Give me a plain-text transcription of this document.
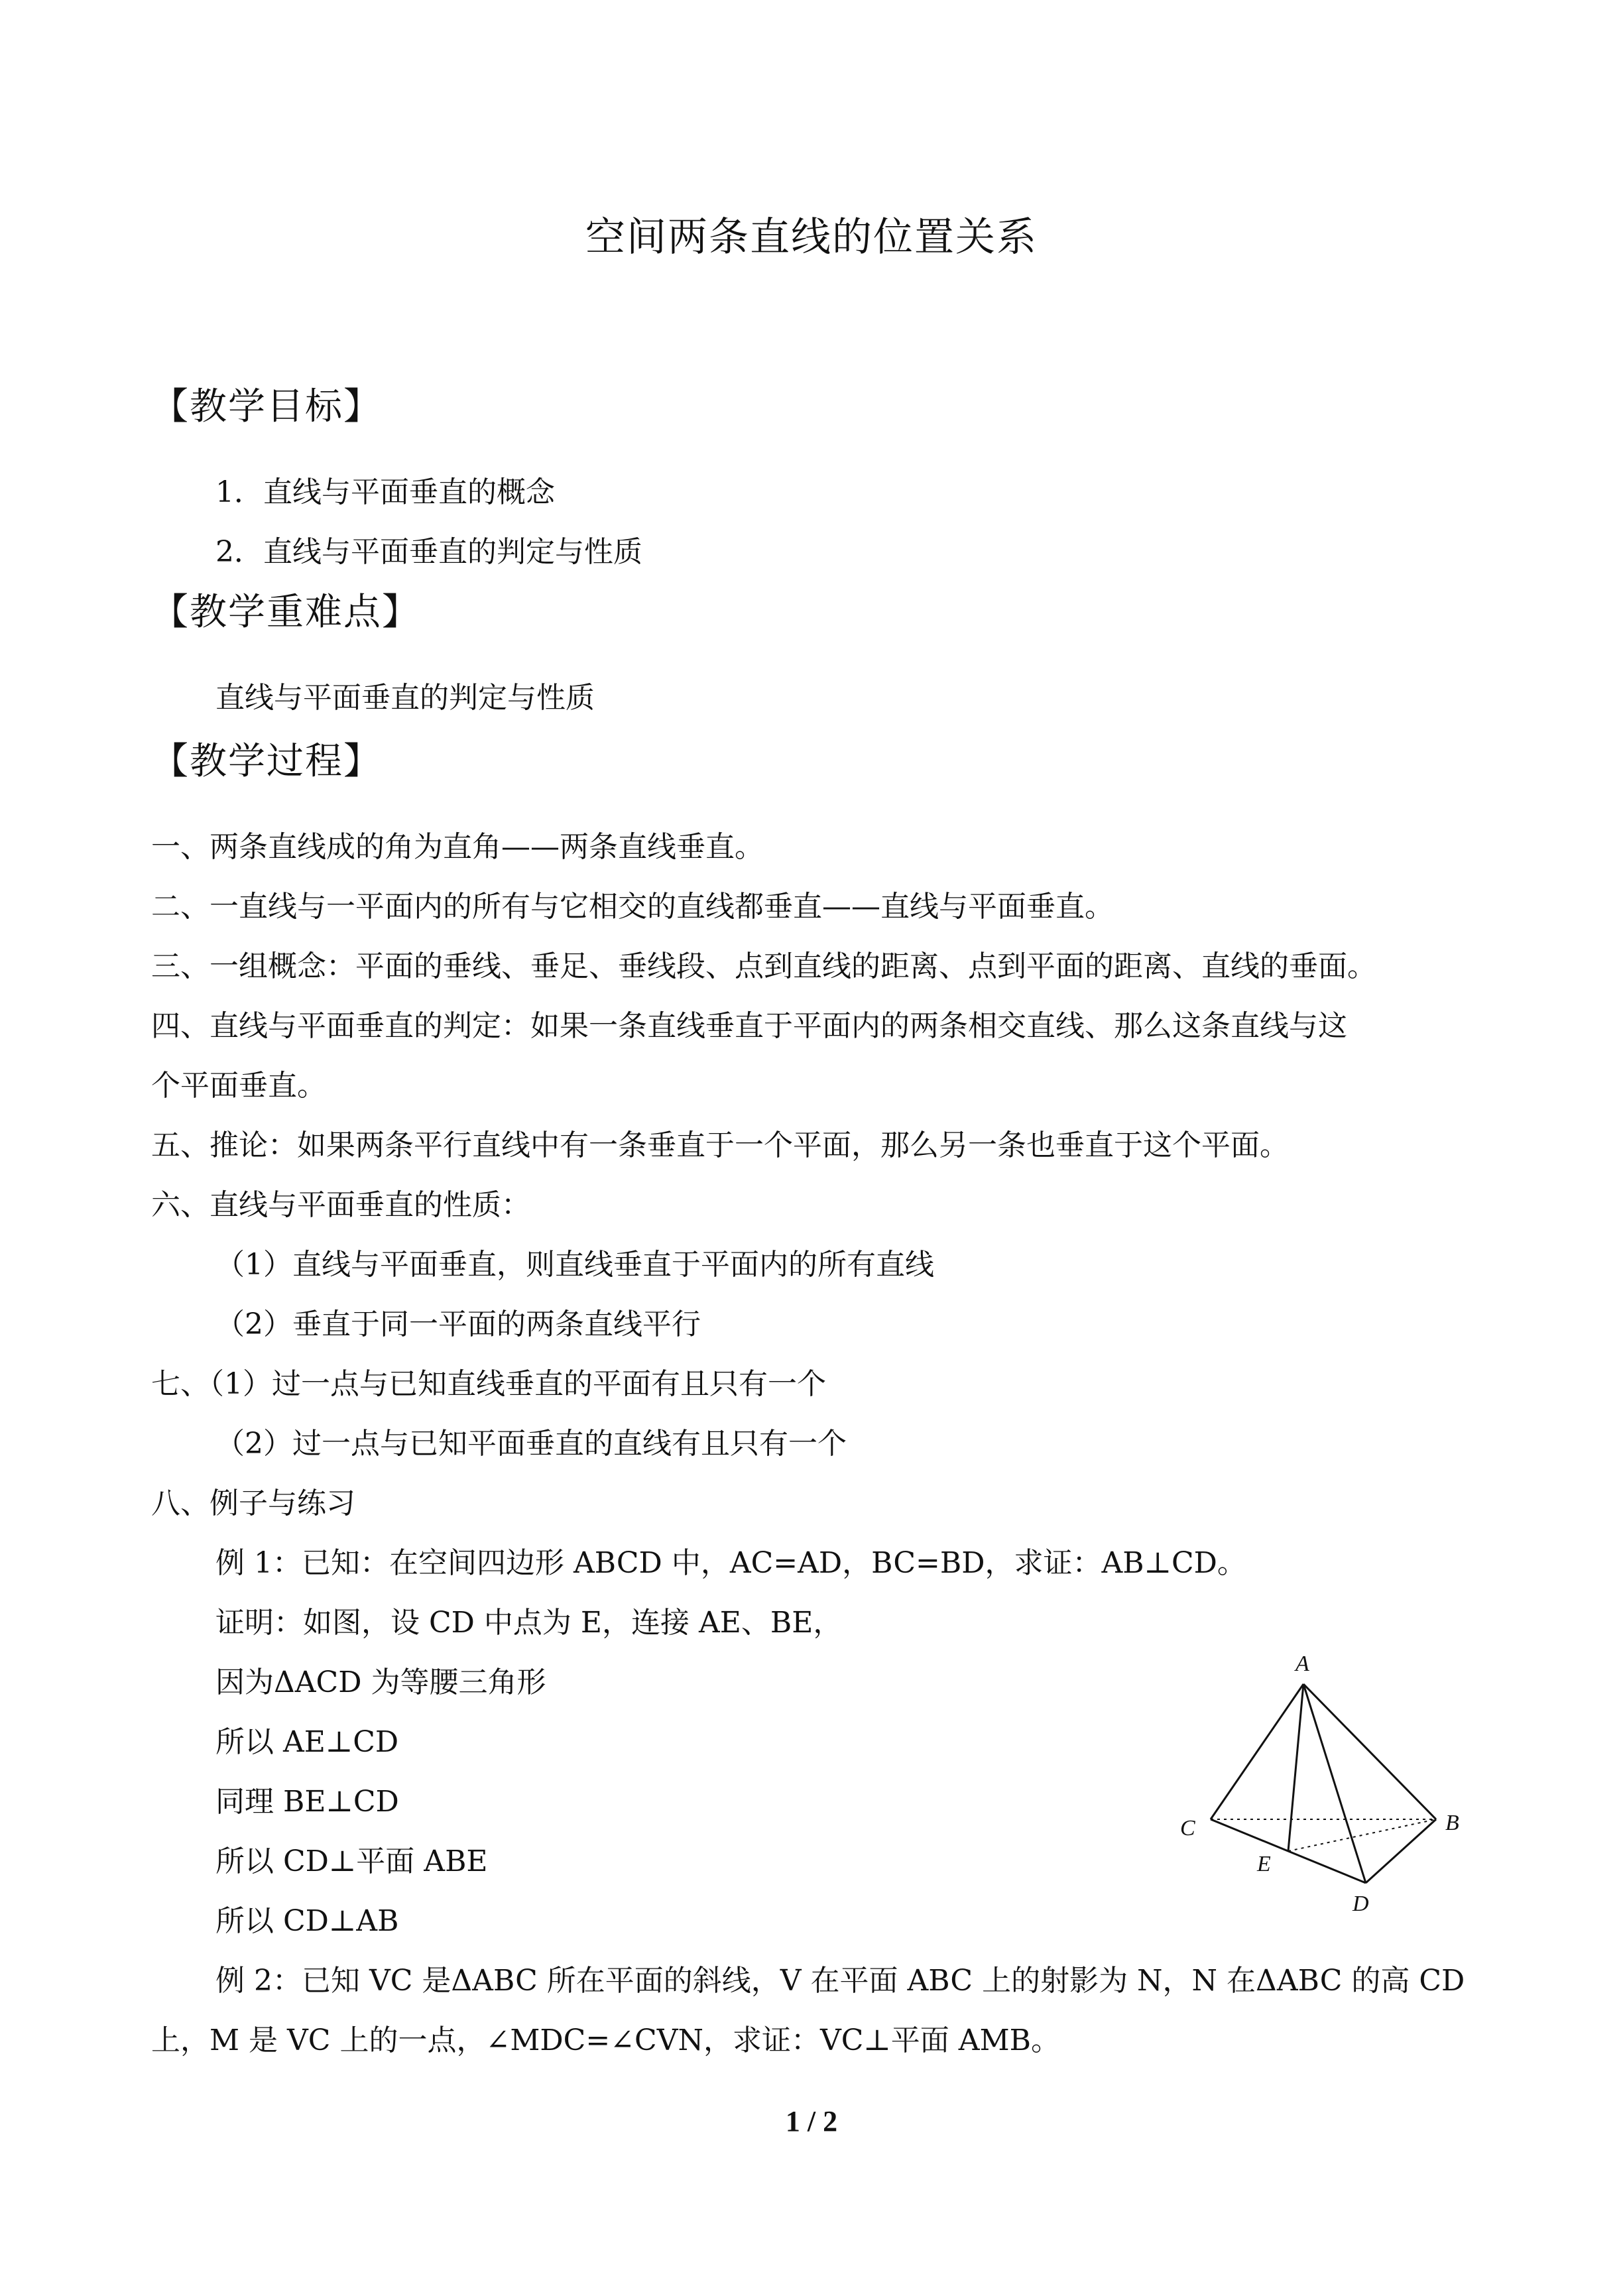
空间两条直线的位置关系
【教学目标】
1．直线与平面垂直的概念
2．直线与平面垂直的判定与性质
【教学重难点】
直线与平面垂直的判定与性质
【教学过程】
一、两条直线成的角为直角——两条直线垂直。
二、一直线与一平面内的所有与它相交的直线都垂直——直线与平面垂直。
三、一组概念：平面的垂线、垂足、垂线段、点到直线的距离、点到平面的距离、直线的垂面。
四、直线与平面垂直的判定：如果一条直线垂直于平面内的两条相交直线、那么这条直线与这
个平面垂直。
五、推论：如果两条平行直线中有一条垂直于一个平面，那么另一条也垂直于这个平面。
六、直线与平面垂直的性质：
（1）直线与平面垂直，则直线垂直于平面内的所有直线
（2）垂直于同一平面的两条直线平行
七、（1）过一点与已知直线垂直的平面有且只有一个
（2）过一点与已知平面垂直的直线有且只有一个
八、例子与练习
例 1：已知：在空间四边形 ABCD 中，AC=AD，BC=BD，求证：AB⊥CD。
证明：如图，设 CD 中点为 E，连接 AE、BE，
因为ΔACD 为等腰三角形
所以 AE⊥CD
同理 BE⊥CD
所以 CD⊥平面 ABE
所以 CD⊥AB
例 2：已知 VC 是ΔABC 所在平面的斜线，V 在平面 ABC 上的射影为 N，N 在ΔABC 的高 CD
上，M 是 VC 上的一点，∠MDC=∠CVN，求证：VC⊥平面 AMB。
A
B
C
D
E
1 / 2
